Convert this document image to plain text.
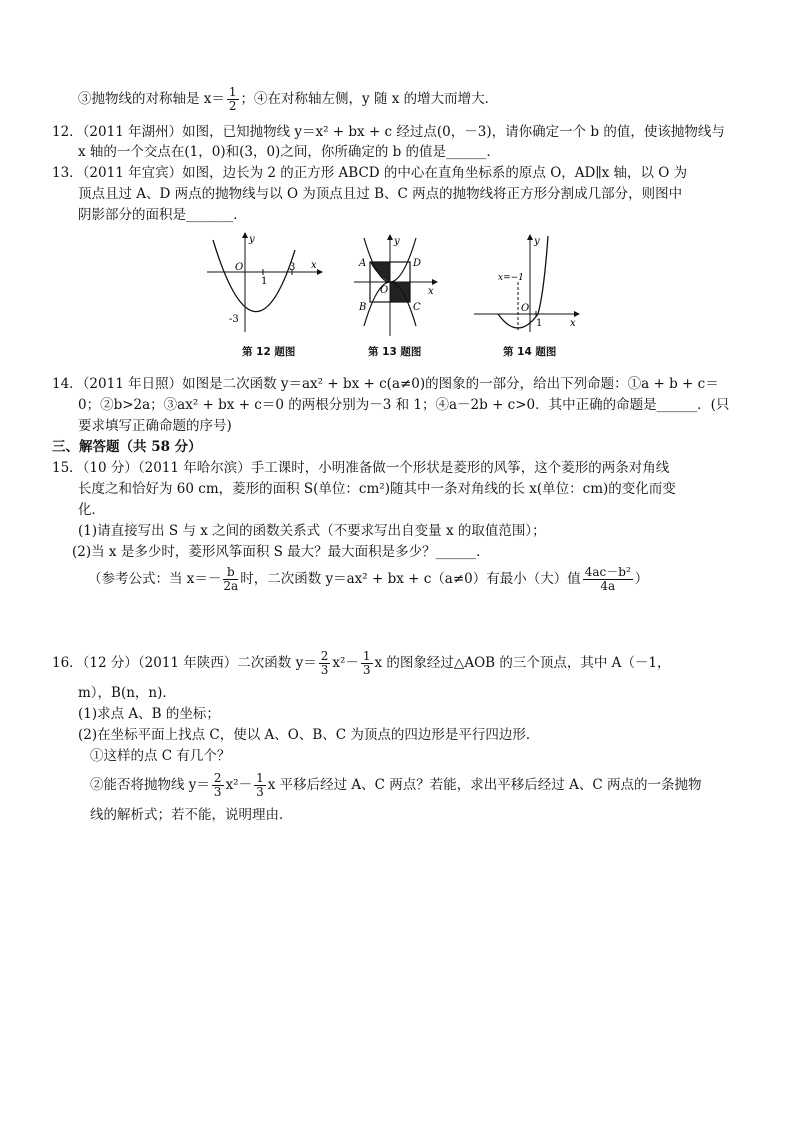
③抛物线的对称轴是 $x= \frac{1}{2}$ ；④在对称轴左侧，y 随 x 的增大而增大．
12．（2011 年湖州）如图，已知抛物线 y＝x² + bx + c 经过点(0，－3)，请你确定一个 b 的值，使该抛物线与
x 轴的一个交点在(1，0)和(3，0)之间，你所确定的 b 的值是______．
13．（2011 年宜宾）如图，边长为 2 的正方形 ABCD 的中心在直角坐标系的原点 O，AD∥x 轴，以 O 为
顶点且过 A、D 两点的抛物线与以 O 为顶点且过 B、C 两点的抛物线将正方形分割成几部分，则图中
阴影部分的面积是_______．
y
x
O
1
3
-3
第 12 题图
y
x
O
A	D
B	C
第 13 题图
y
x
O
1
x=−1
第 14 题图
14．（2011 年日照）如图是二次函数 y＝ax² + bx + c(a≠0)的图象的一部分，给出下列命题：①a + b + c＝
0；②b>2a；③ax² + bx + c＝0 的两根分别为－3 和 1；④a－2b + c>0．其中正确的命题是______．(只
要求填写正确命题的序号)
三、解答题（共 58 分）
15．（10 分）（2011 年哈尔滨）手工课时，小明准备做一个形状是菱形的风筝，这个菱形的两条对角线
长度之和恰好为 60 cm，菱形的面积 S(单位：cm²)随其中一条对角线的长 x(单位：cm)的变化而变
化．
(1)请直接写出 S 与 x 之间的函数关系式（不要求写出自变量 x 的取值范围）；
(2)当 x 是多少时，菱形风筝面积 S 最大？最大面积是多少？______．
（参考公式：当 $x=- \frac{b}{2a}$ 时，二次函数 y＝ax² + bx + c（a≠0）有最小（大）值 $\frac{\text{4ac－b²}}{4a}$ ）
16．（12 分）（2011 年陕西）二次函数 $y= \frac{2}{3} x^2- \frac{1}{3}$ x 的图象经过△AOB 的三个顶点，其中 A（－1，
m），B(n，n)．
(1)求点 A、B 的坐标；
(2)在坐标平面上找点 C，使以 A、O、B、C 为顶点的四边形是平行四边形．
①这样的点 C 有几个？
②能否将抛物线 $y= \frac{2}{3} x^2- \frac{1}{3}$ x 平移后经过 A、C 两点？若能，求出平移后经过 A、C 两点的一条抛物
线的解析式；若不能，说明理由．
